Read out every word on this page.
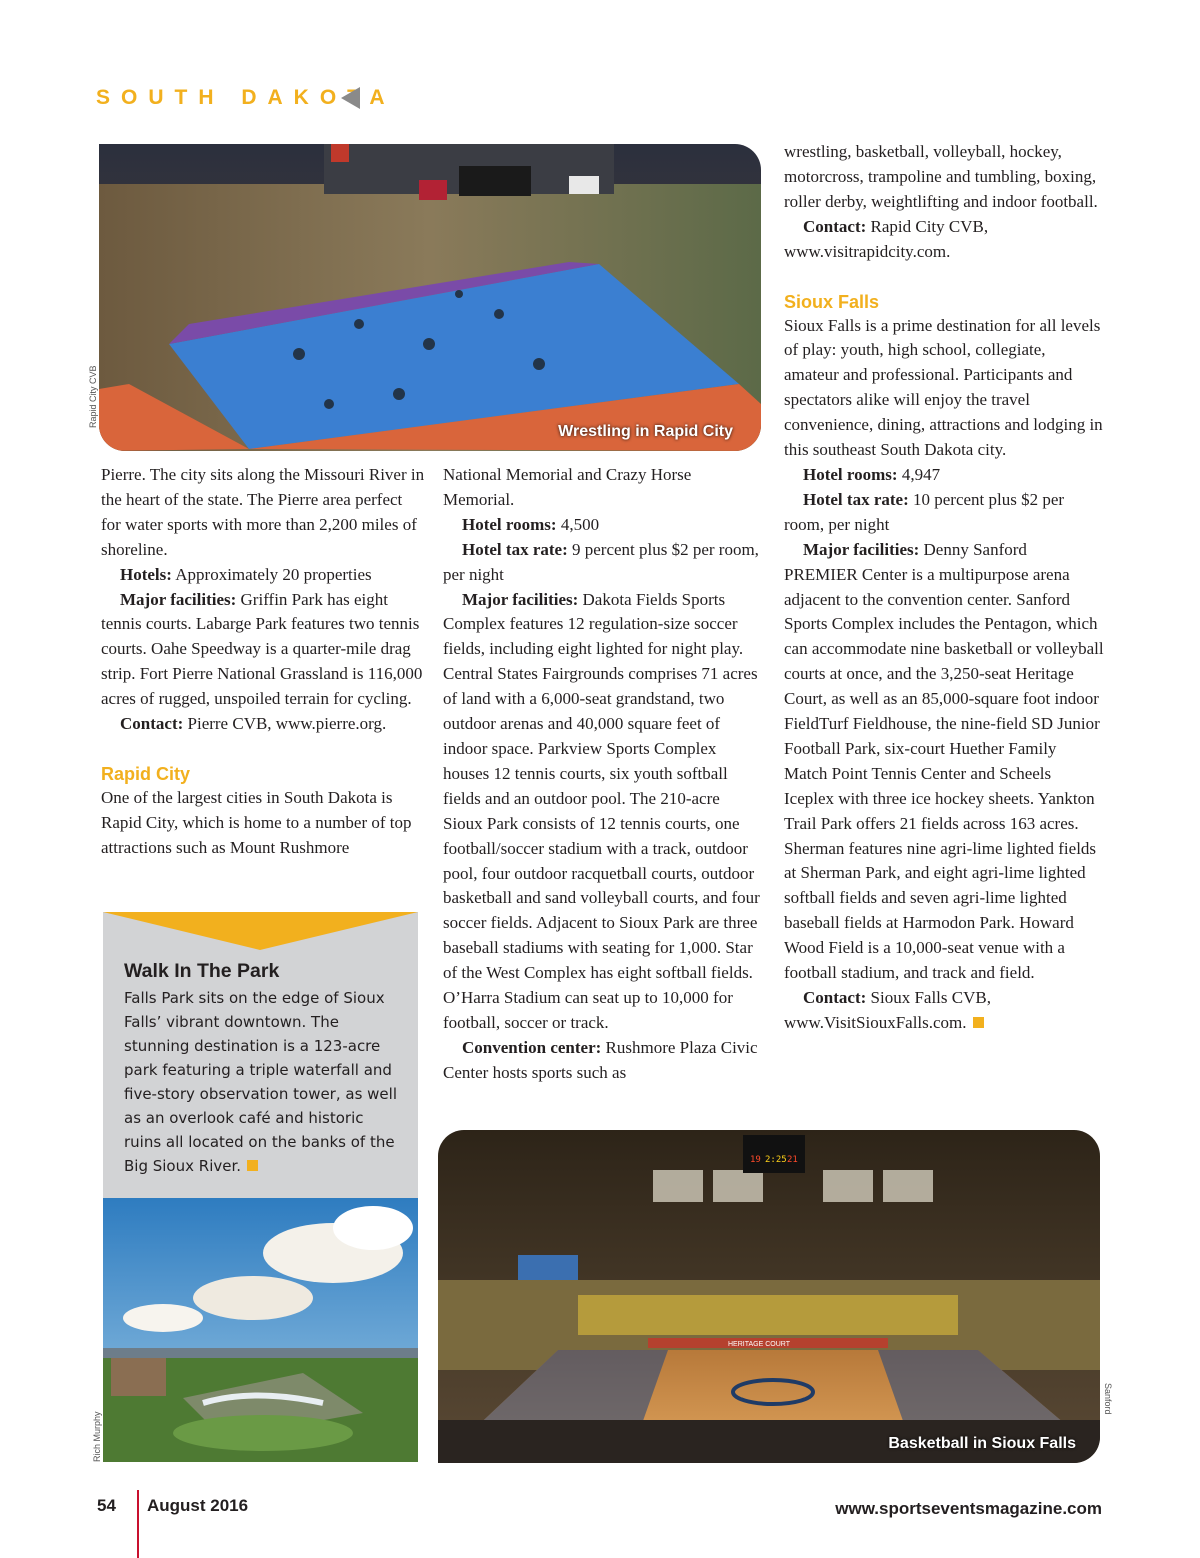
SOUTH DAKOTA
Wrestling in Rapid City
Rapid City CVB

Pierre. The city sits along the Missouri River in the heart of the state. The Pierre area perfect for water sports with more than 2,200 miles of shoreline.

Hotels: Approximately 20 properties

Major facilities: Griffin Park has eight tennis courts. Labarge Park features two tennis courts. Oahe Speedway is a quarter-mile drag strip. Fort Pierre National Grassland is 116,000 acres of rugged, unspoiled terrain for cycling.

Contact: Pierre CVB, www.pierre.org.

Rapid City

One of the largest cities in South Dakota is Rapid City, which is home to a number of top attractions such as Mount Rushmore

Walk In The Park
Falls Park sits on the edge of Sioux Falls’ vibrant downtown. The stunning destination is a 123-acre park featuring a triple waterfall and five-story observation tower, as well as an overlook café and historic ruins all located on the banks of the Big Sioux River.
Rich Murphy

National Memorial and Crazy Horse Memorial.

Hotel rooms: 4,500

Hotel tax rate: 9 percent plus $2 per room, per night

Major facilities: Dakota Fields Sports Complex features 12 regulation-size soccer fields, including eight lighted for night play. Central States Fairgrounds comprises 71 acres of land with a 6,000-seat grandstand, two outdoor arenas and 40,000 square feet of indoor space. Parkview Sports Complex houses 12 tennis courts, six youth softball fields and an outdoor pool. The 210-acre Sioux Park consists of 12 tennis courts, one football/soccer stadium with a track, outdoor pool, four outdoor racquetball courts, outdoor basketball and sand volleyball courts, and four soccer fields. Adjacent to Sioux Park are three baseball stadiums with seating for 1,000. Star of the West Complex has eight softball fields. O’Harra Stadium can seat up to 10,000 for football, soccer or track.

Convention center: Rushmore Plaza Civic Center hosts sports such as

wrestling, basketball, volleyball, hockey, motorcross, trampoline and tumbling, boxing, roller derby, weightlifting and indoor football.

Contact: Rapid City CVB, www.visitrapidcity.com.

Sioux Falls

Sioux Falls is a prime destination for all levels of play: youth, high school, collegiate, amateur and professional. Participants and spectators alike will enjoy the travel convenience, dining, attractions and lodging in this southeast South Dakota city.

Hotel rooms: 4,947

Hotel tax rate: 10 percent plus $2 per room, per night

Major facilities: Denny Sanford PREMIER Center is a multipurpose arena adjacent to the convention center. Sanford Sports Complex includes the Pentagon, which can accommodate nine basketball or volleyball courts at once, and the 3,250-seat Heritage Court, as well as an 85,000-square foot indoor FieldTurf Fieldhouse, the nine-field SD Junior Football Park, six-court Huether Family Match Point Tennis Center and Scheels Iceplex with three ice hockey sheets. Yankton Trail Park offers 21 fields across 163 acres. Sherman features nine agri-lime lighted fields at Sherman Park, and eight agri-lime lighted softball fields and seven agri-lime lighted baseball fields at Harmodon Park. Howard Wood Field is a 10,000-seat venue with a football stadium, and track and field.

Contact: Sioux Falls CVB, www.VisitSiouxFalls.com.

19 2:25 21
HERITAGE COURT
Basketball in Sioux Falls
Sanford
54 August 2016	www.sportseventsmagazine.com
